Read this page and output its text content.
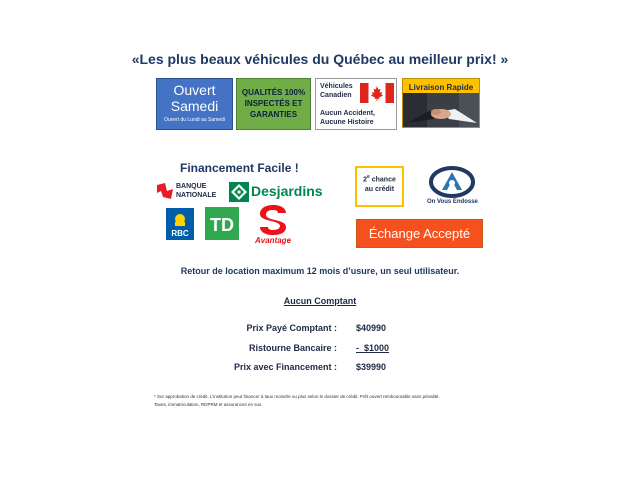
«Les plus beaux véhicules du Québec au meilleur prix! »
Ouvert
Samedi
Ouvert du Lundi au Samedi
QUALITÉS 100%
INSPECTÉS ET
GARANTIES
Véhicules
Canadien
Aucun Accident,
Aucune Histoire
Livraison Rapide
Financement Facile !
BANQUE
NATIONALE Desjardins
RBC TD
Avantage
2e chance
au crédit
On Vous Endosse
Échange Accepté
Retour de location maximum 12 mois d’usure, un seul utilisateur.
Aucun Comptant
Prix Payé Comptant : $40990
Ristourne Bancaire : -  $1000
Prix avec Financement : $39990
* Sur approbation de crédit. L’institution peut financer à taux moindre ou plus selon le dossier de crédit. Prêt ouvert remboursable sans pénalité.
Taxes, immatriculation, RDPRM et assurances en sus.
